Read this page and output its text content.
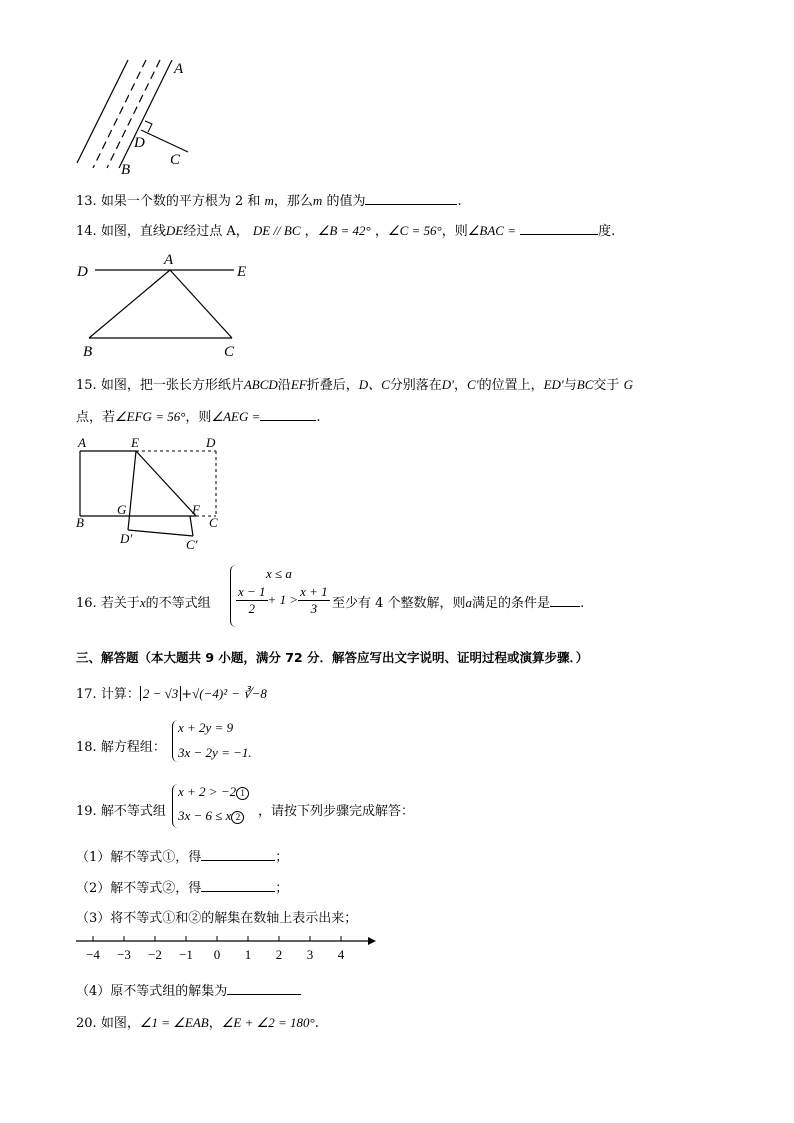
A
D
C
B
13. 如果一个数的平方根为 2 和 m，那么m 的值为	.
14. 如图，直线DE经过点 A， DE // BC ，∠B = 42° ，∠C = 56°，则∠BAC =	度.
D
A
E
B	C
15. 如图，把一张长方形纸片ABCD沿EF折叠后，D、C分别落在D′，C′的位置上，ED′与BC交于 G
点，若∠EFG = 56°，则∠AEG =	.
A	E	D
B
G	F
C
D′	C′
16. 若关于x的不等式组
x ≤ a
$\frac{x - 1}{2} + 1 > \frac{x + 1}{3}$ 至少有 4 个整数解，则a满足的条件是 .
三、解答题（本大题共 9 小题，满分 72 分．解答应写出文字说明、证明过程或演算步骤．）
17. 计算： 2 − √3 +√(−4)² − ∛−8
18. 解方程组：
x + 2y = 9
3x − 2y = −1.
19. 解不等式组
x + 2 > −2 1
3x − 6 ≤ x 2	，请按下列步骤完成解答：
（1）解不等式①，得	；
（2）解不等式②，得	；
（3）将不等式①和②的解集在数轴上表示出来；
−4 −3 −2 −1 0 1 2 3 4
（4）原不等式组的解集为
20. 如图，∠1 = ∠EAB，∠E + ∠2 = 180°.
